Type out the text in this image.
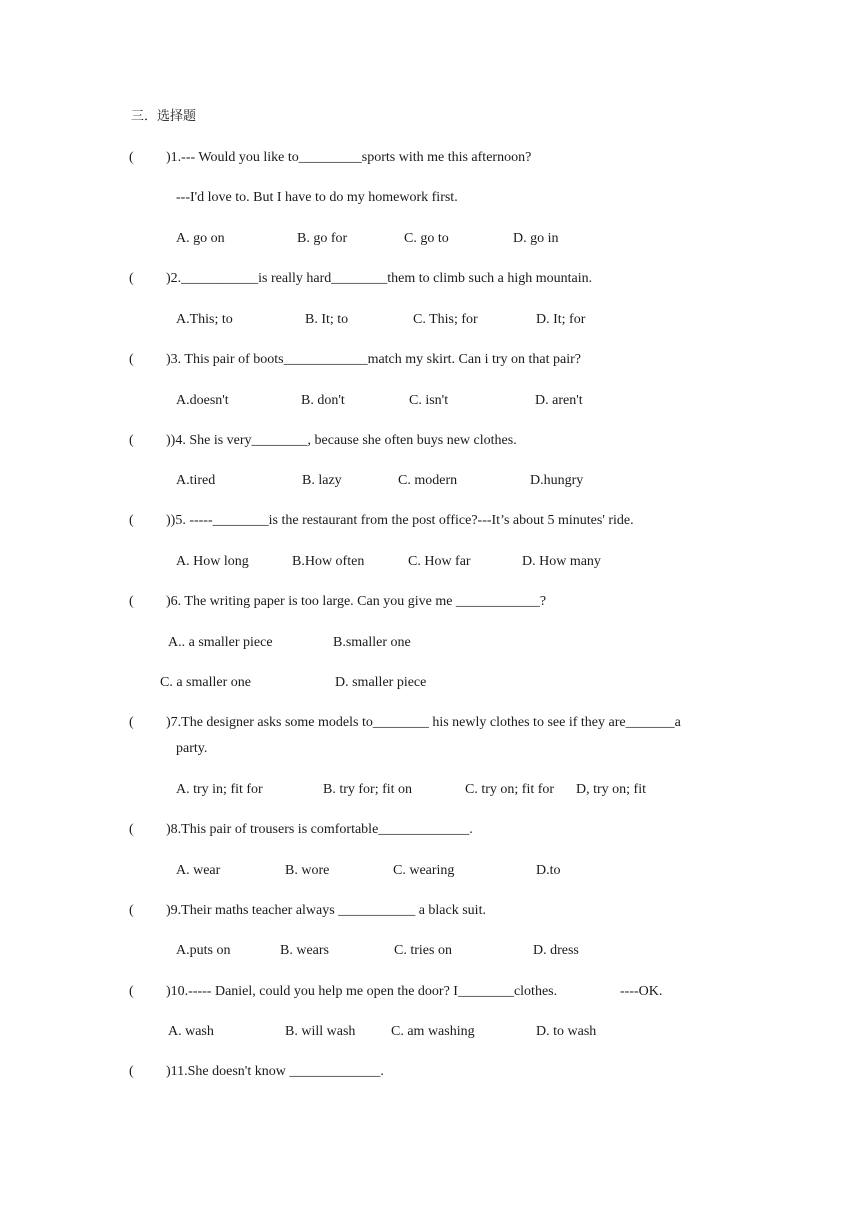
三．选择题
( )1.--- Would you like to_________sports with me this afternoon?
---I'd love to. But I have to do my homework first.
A. go on	B. go for	C. go to	D. go in
( )2.___________is really hard________them to climb such a high mountain.
A.This; to	B. It; to	C. This; for	D. It; for
( )3. This pair of boots____________match my skirt. Can i try on that pair?
A.doesn't	B. don't	C. isn't	D. aren't
( ))4. She is very________, because she often buys new clothes.
A.tired	B. lazy	C. modern	D.hungry
( ))5. -----________is the restaurant from the post office?---It’s about 5 minutes' ride.
A. How long	B.How often	C. How far	D. How many
( )6. The writing paper is too large. Can you give me ____________?
A.. a smaller piece	B.smaller one
C. a smaller one	D. smaller piece
( )7.The designer asks some models to________ his newly clothes to see if they are_______a
party.
A. try in; fit for	B. try for; fit on	C. try on; fit for D, try on; fit
( )8.This pair of trousers is comfortable_____________.
A. wear	B. wore	C. wearing	D.to
( )9.Their maths teacher always ___________ a black suit.
A.puts on	B. wears	C. tries on	D. dress
( )10.----- Daniel, could you help me open the door? I________clothes.	----OK.
A. wash	B. will wash	C. am washing	D. to wash
( )11.She doesn't know _____________.
